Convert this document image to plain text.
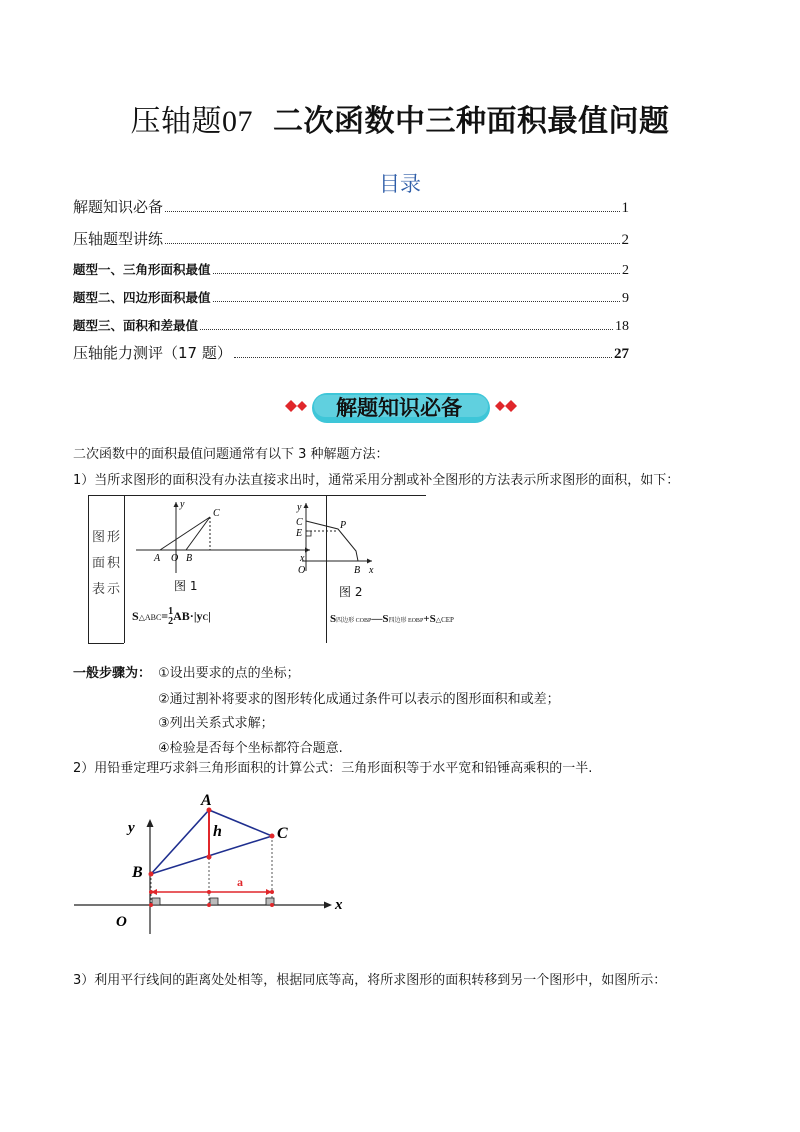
压轴题07 二次函数中三种面积最值问题
目录
解题知识必备	1
压轴题型讲练	2
题型一、三角形面积最值	2
题型二、四边形面积最值	9
题型三、面积和差最值	18
压轴能力测评（17 题）	27
解题知识必备
二次函数中的面积最值问题通常有以下 3 种解题方法：
1）当所求图形的面积没有办法直接求出时，通常采用分割或补全图形的方法表示所求图形的面积，如下：
图形
面积
表示
y
C
A O B	x
图 1
y
C	P
E
O	B x
图 2
S△ABC= 1
2 AB·|yC|	S四边形 COBP—S四边形 EOBP+S△CEP
一般步骤为： ①设出要求的点的坐标；
②通过割补将要求的图形转化成通过条件可以表示的图形面积和或差；
③列出关系式求解；
④检验是否每个坐标都符合题意.
2）用铅垂定理巧求斜三角形面积的计算公式：三角形面积等于水平宽和铅锤高乘积的一半.
y
x
O
A
B
C
h
a
3）利用平行线间的距离处处相等，根据同底等高，将所求图形的面积转移到另一个图形中，如图所示：
